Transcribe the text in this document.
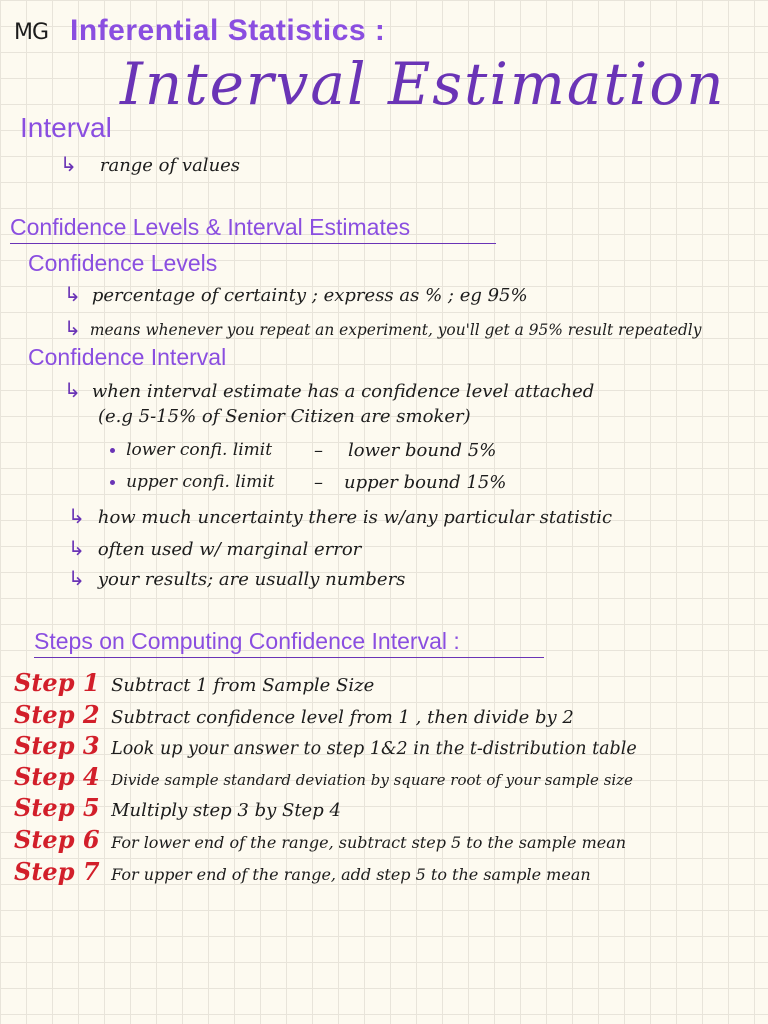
MG Inferential Statistics :
Interval Estimation
Interval
↳ range of values
Confidence Levels & Interval Estimates
Confidence Levels
↳ percentage of certainty ; express as % ; eg 95%
↳ means whenever you repeat an experiment, you'll get a 95% result repeatedly
Confidence Interval
↳ when interval estimate has a confidence level attached
(e.g 5-15% of Senior Citizen are smoker)
lower confi. limit – lower bound 5%
upper confi. limit – upper bound 15%
↳ how much uncertainty there is w/any particular statistic
↳ often used w/ marginal error
↳ your results; are usually numbers
Steps on Computing Confidence Interval :
Step 1 Subtract 1 from Sample Size
Step 2 Subtract confidence level from 1 , then divide by 2
Step 3 Look up your answer to step 1&2 in the t-distribution table
Step 4 Divide sample standard deviation by square root of your sample size
Step 5 Multiply step 3 by Step 4
Step 6 For lower end of the range, subtract step 5 to the sample mean
Step 7 For upper end of the range, add step 5 to the sample mean
